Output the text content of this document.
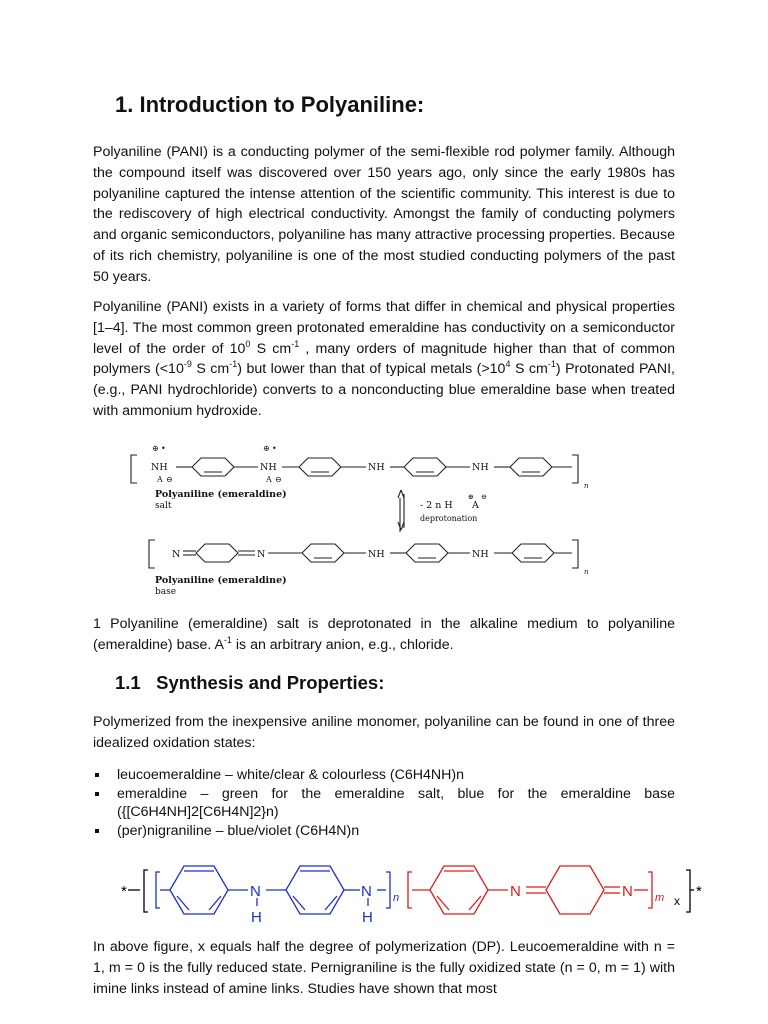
1. Introduction to Polyaniline:

Polyaniline (PANI) is a conducting polymer of the semi-flexible rod polymer family. Although the compound itself was discovered over 150 years ago, only since the early 1980s has polyaniline captured the intense attention of the scientific community. This interest is due to the rediscovery of high electrical conductivity. Amongst the family of conducting polymers and organic semiconductors, polyaniline has many attractive processing properties. Because of its rich chemistry, polyaniline is one of the most studied conducting polymers of the past 50 years.

Polyaniline (PANI) exists in a variety of forms that differ in chemical and physical properties [1–4]. The most common green protonated emeraldine has conductivity on a semiconductor level of the order of $10^0$ S $cm^{-1}$ , many orders of magnitude higher than that of common polymers ($<10^{-9}$ S $cm^{-1}$) but lower than that of typical metals ($>10^4$ S $cm^{-1}$) Protonated PANI, (e.g., PANI hydrochloride) converts to a nonconducting blue emeraldine base when treated with ammonium hydroxide.

⊕ •
NH
A ⊖
⊕ •
NH
A ⊖
NH	NH
n
Polyaniline (emeraldine)
salt	- 2 n H
⊕
A
⊖
deprotonation
N	N	NH	NH
n
Polyaniline (emeraldine)
base

1 Polyaniline (emeraldine) salt is deprotonated in the alkaline medium to polyaniline (emeraldine) base. $A^{-1}$ is an arbitrary anion, e.g., chloride.

1.1 Synthesis and Properties:

Polymerized from the inexpensive aniline monomer, polyaniline can be found in one of three idealized oxidation states:

leucoemeraldine – white/clear & colourless (C6H4NH)n
emeraldine – green for the emeraldine salt, blue for the emeraldine base ({[C6H4NH]2[C6H4N]2}n)
(per)nigraniline – blue/violet (C6H4N)n
*	*
N
H
N
H
n	N	N m x

In above figure, x equals half the degree of polymerization (DP). Leucoemeraldine with n = 1, m = 0 is the fully reduced state. Pernigraniline is the fully oxidized state (n = 0, m = 1) with imine links instead of amine links. Studies have shown that most
